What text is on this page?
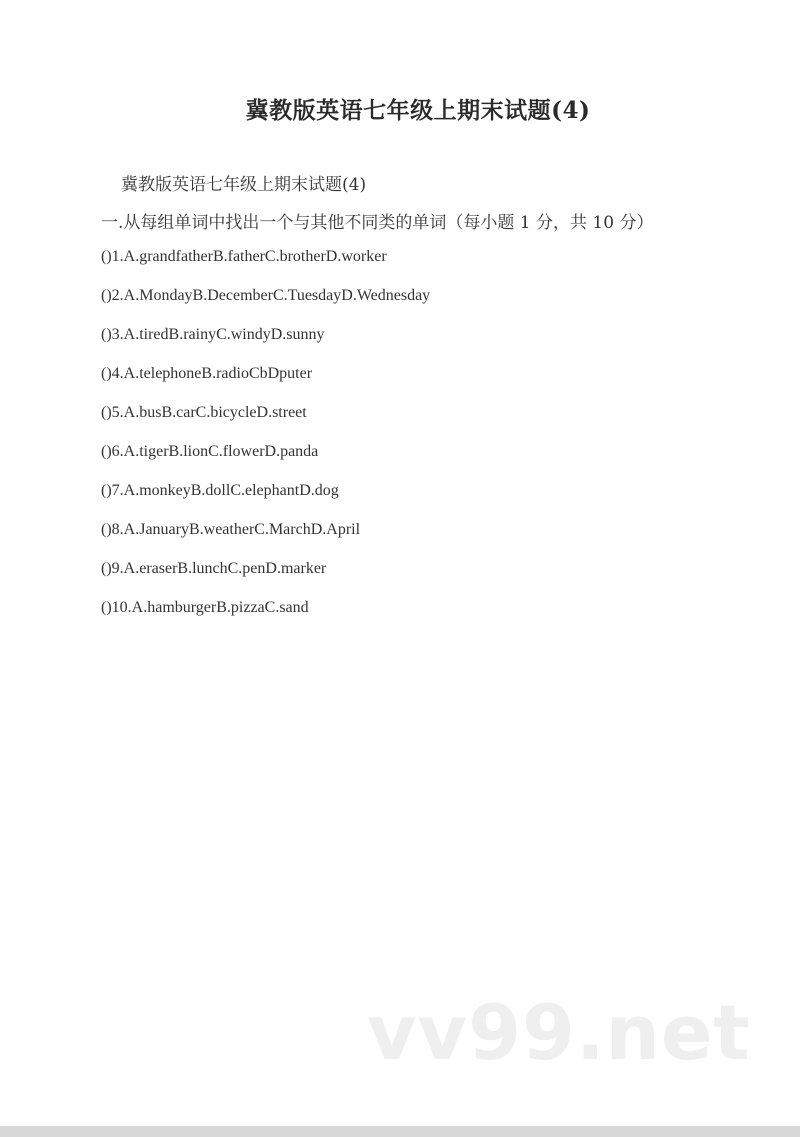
冀教版英语七年级上期末试题(4)
冀教版英语七年级上期末试题(4)
一.从每组单词中找出一个与其他不同类的单词（每小题 1 分，共 10 分）
()1.A.grandfatherB.fatherC.brotherD.worker
()2.A.MondayB.DecemberC.TuesdayD.Wednesday
()3.A.tiredB.rainyC.windyD.sunny
()4.A.telephoneB.radioCbDputer
()5.A.busB.carC.bicycleD.street
()6.A.tigerB.lionC.flowerD.panda
()7.A.monkeyB.dollC.elephantD.dog
()8.A.JanuaryB.weatherC.MarchD.April
()9.A.eraserB.lunchC.penD.marker
()10.A.hamburgerB.pizzaC.sand
vv99.net
